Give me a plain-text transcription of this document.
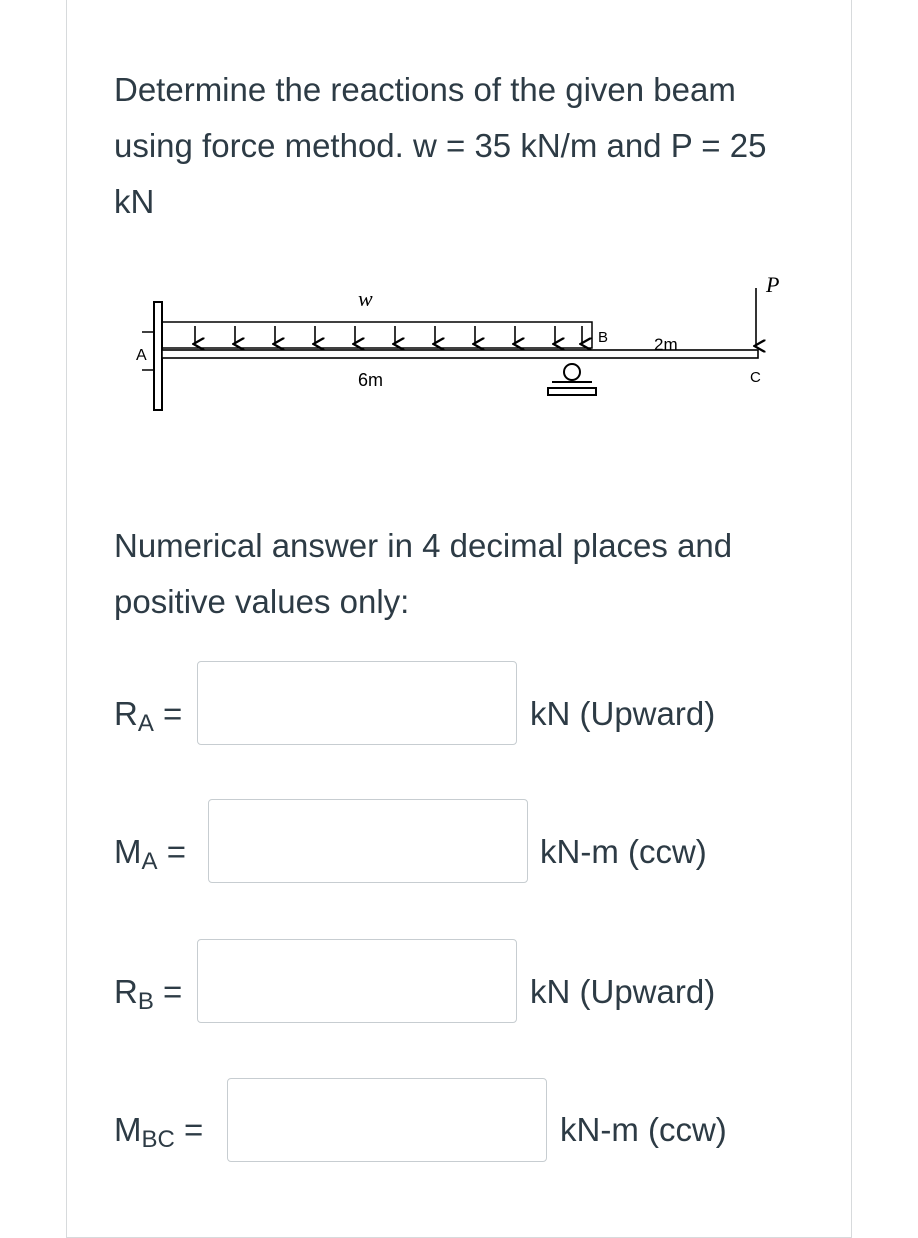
Determine the reactions of the given beam using force method. w = 35 kN/m and P = 25 kN

A
w
6m
B	2m
P
C

Numerical answer in 4 decimal places and positive values only:

$R_A$ =	kN (Upward)
$M_A$ =	kN-m (ccw)
$R_B$ =	kN (Upward)
$M_{BC}$ =	kN-m (ccw)
